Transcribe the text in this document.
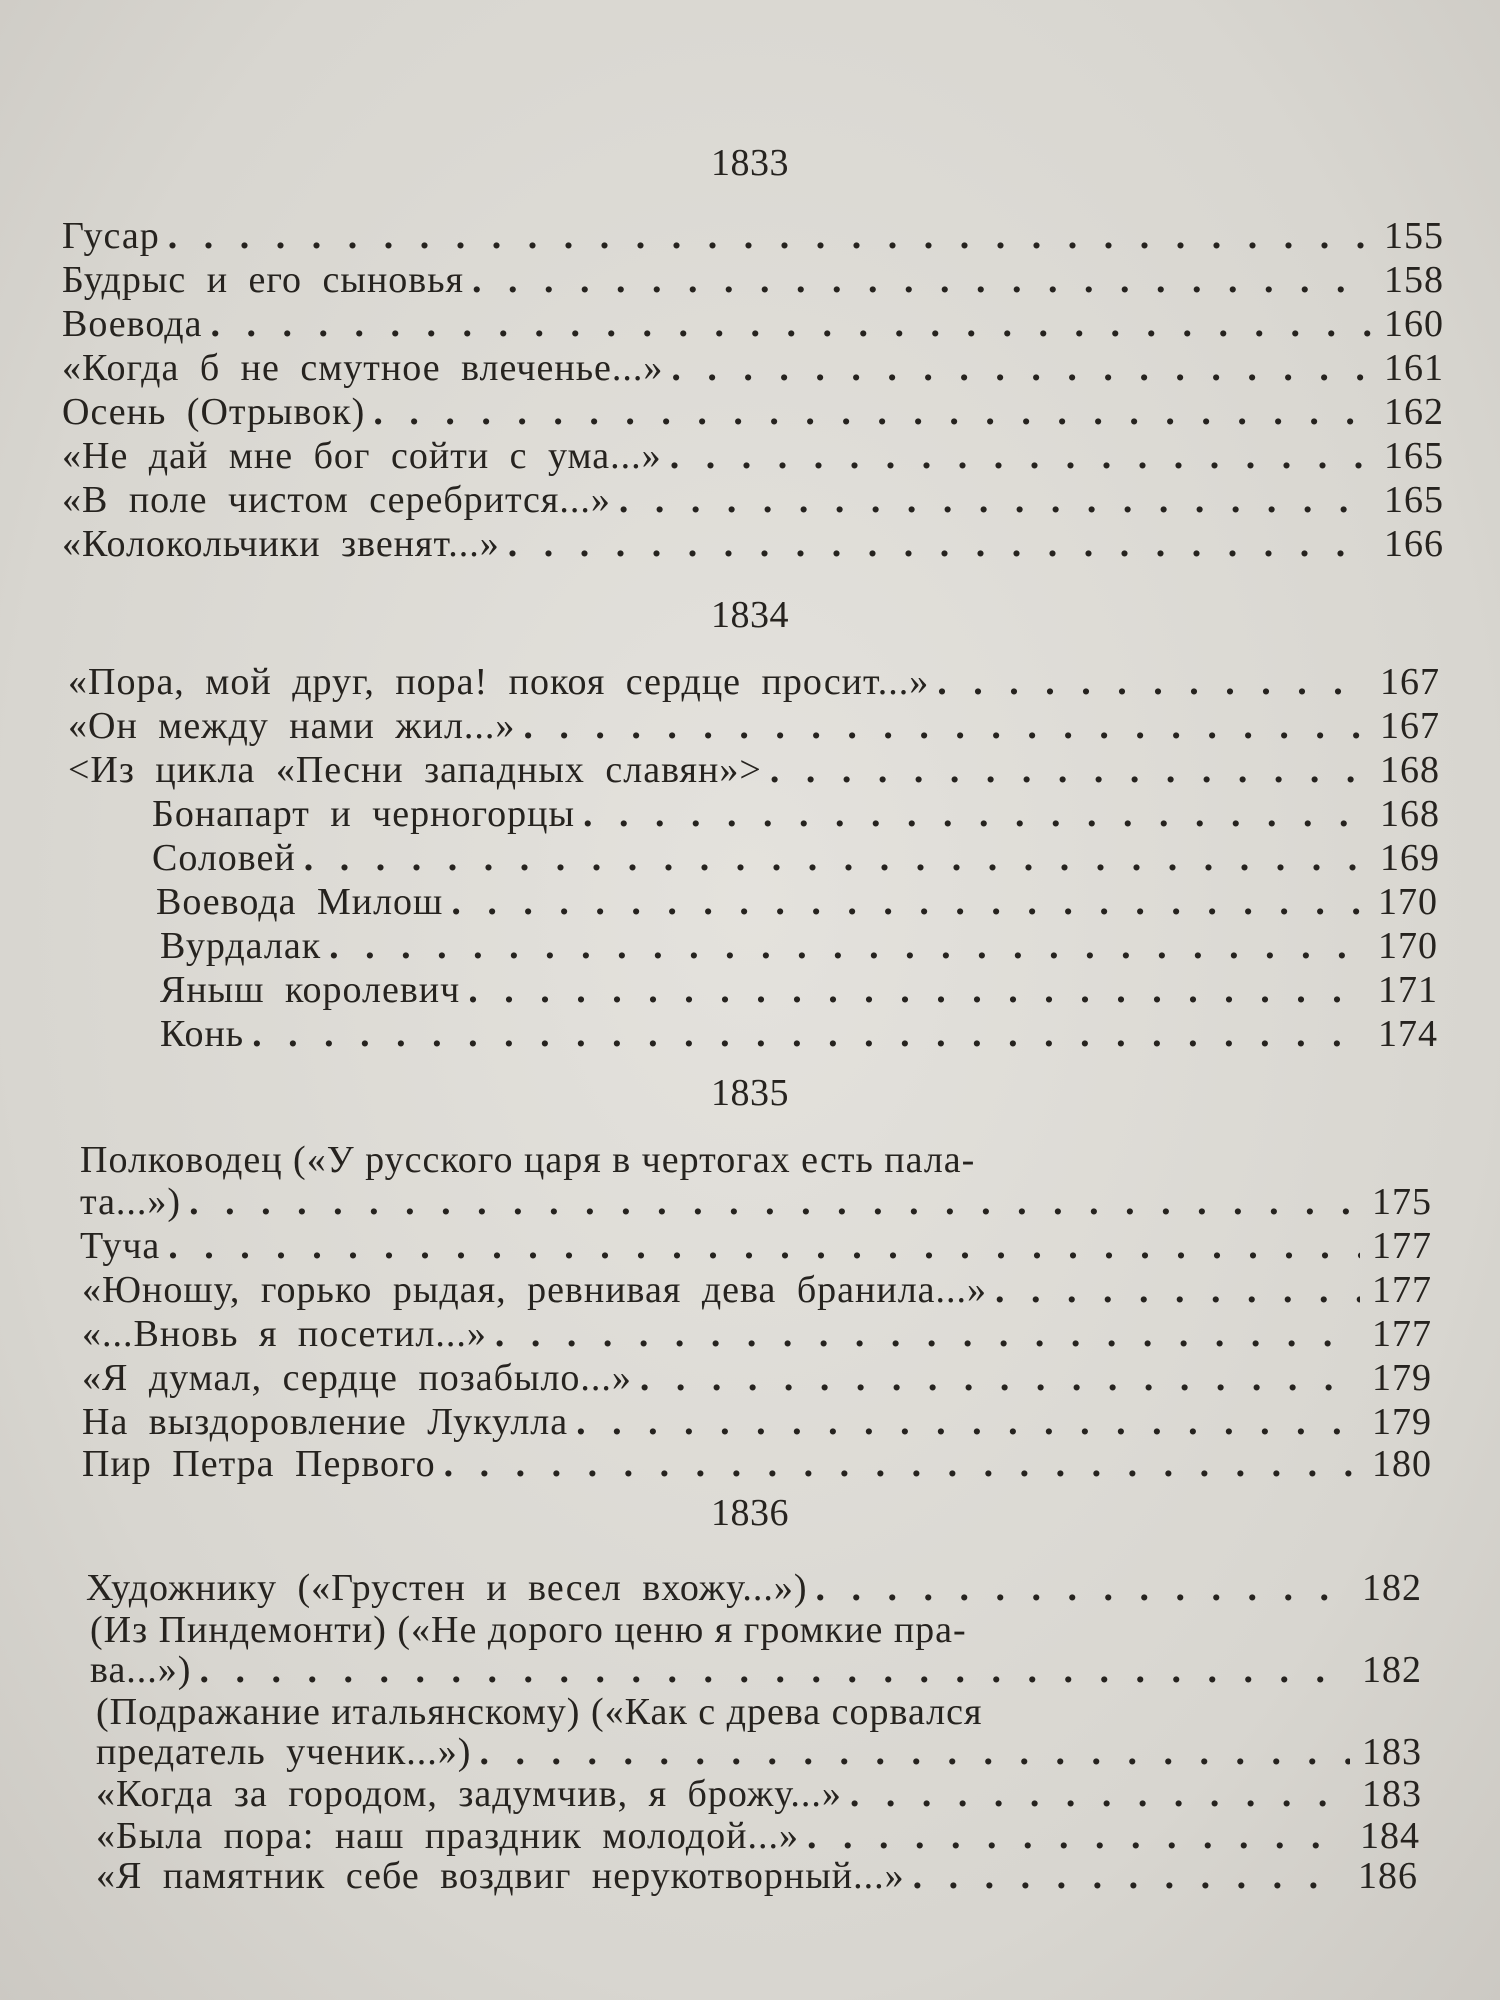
1833
Гусар . . .	155
Будрыс и его сыновья . . .	158
Воевода . . .	160
«Когда б не смутное влеченье...» . . .	161
Осень (Отрывок) . . .	162
«Не дай мне бог сойти с ума...» . . .	165
«В поле чистом серебрится...» . . .	165
«Колокольчики звенят...» . . .	166
1834
«Пора, мой друг, пора! покоя сердце просит...» . . .	167
«Он между нами жил...» . . .	167
<Из цикла «Песни западных славян»> . . .	168
Бонапарт и черногорцы . . .	168
Соловей . . .	169
Воевода Милош . . .	170
Вурдалак . . .	170
Яныш королевич . . .	171
Конь . . .	174
1835
Полководец («У русского царя в чертогах есть пала-
та...») . . .	175
Туча . . .	177
«Юношу, горько рыдая, ревнивая дева бранила...» . . .	177
«...Вновь я посетил...» . . .	177
«Я думал, сердце позабыло...» . . .	179
На выздоровление Лукулла . . .	179
Пир Петра Первого . . .	180
1836
Художнику («Грустен и весел вхожу...») . . .	182
(Из Пиндемонти) («Не дорого ценю я громкие пра-
ва...») . . .	182
(Подражание итальянскому) («Как с древа сорвался
предатель ученик...») . . .	183
«Когда за городом, задумчив, я брожу...» . . .	183
«Была пора: наш праздник молодой...» . . .	184
«Я памятник себе воздвиг нерукотворный...» . . .	186
